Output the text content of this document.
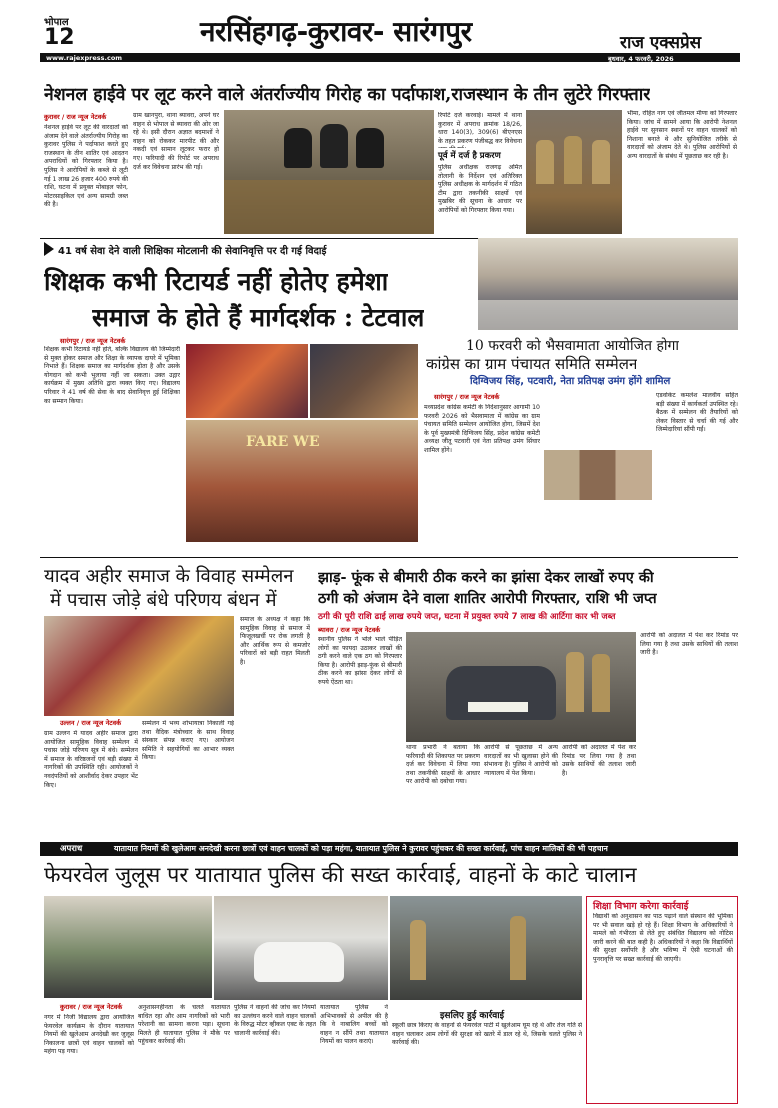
भोपाल
12	नरसिंहगढ़-कुरावर- सारंगपुर	राज एक्सप्रेस
www.rajexpress.com	बुधवार, 4 फरवरी, 2026
नेशनल हाईवे पर लूट करने वाले अंतर्राज्यीय गिरोह का पर्दाफाश,राजस्थान के तीन लुटेरे गिरफ्तार
कुरावर / राज न्यूज नेटवर्क
नेशनल हाईवे पर लूट की वारदातों को अंजाम देने वाले अंतर्राज्यीय गिरोह का कुरावर पुलिस ने पर्दाफाश करते हुए राजस्थान के तीन शातिर एवं आदतन अपराधियों को गिरफ्तार किया है। पुलिस ने आरोपियों के कब्जे से लूटी गई 1 लाख 26 हजार 400 रुपये की राशि, घटना में प्रयुक्त मोबाइल फोन, मोटरसाइकिल एवं अन्य सामग्री जब्त की है।
ग्राम खानपुरा, थाना ब्यावरा, अपने घर वाहन से भोपाल से ब्यावरा की ओर जा रहे थे। इसी दौरान अज्ञात बदमाशों ने वाहन को रोककर मारपीट की और नकदी एवं सामान लूटकर फरार हो गए। फरियादी की रिपोर्ट पर अपराध दर्ज कर विवेचना प्रारंभ की गई।
रिपोर्ट दर्ज करवाई। मामले में थाना कुरावर में अपराध क्रमांक 18/26, धारा 140(3), 309(6) बीएनएस के तहत प्रकरण पंजीबद्ध कर विवेचना
पूर्व में दर्ज है प्रकरण
पुलिस अधीक्षक राजगढ़ अमित तोलानी के निर्देशन एवं अतिरिक्त पुलिस अधीक्षक के मार्गदर्शन में गठित टीम द्वारा तकनीकी साक्ष्यों एवं मुखबिर की सूचना के आधार पर आरोपियों को गिरफ्तार किया गया।
भीमा, रोहित नाग एवं जीतमल मीणा को गिरफ्तार किया। जांच में सामने आया कि आरोपी नेशनल हाईवे पर सुनसान स्थानों पर वाहन चालकों को निशाना बनाते थे और सुनियोजित तरीके से वारदातों को अंजाम देते थे। पुलिस आरोपियों से अन्य वारदातों के संबंध में पूछताछ कर रही है।
41 वर्ष सेवा देने वाली शिक्षिका मोटलानी की सेवानिवृत्ति पर दी गई विदाई
शिक्षक कभी रिटायर्ड नहीं होतेए हमेशा
समाज के होते हैं मार्गदर्शक : टेटवाल
सारंगपुर / राज न्यूज नेटवर्क
शिक्षक कभी रिटायर्ड नहीं होते, बल्कि विद्यालय की जिम्मेदारी से मुक्त होकर समाज और शिक्षा के व्यापक दायरे में भूमिका निभाते हैं। शिक्षक समाज का मार्गदर्शक होता है और उसके योगदान को कभी भुलाया नहीं जा सकता। उक्त उद्गार कार्यक्रम में मुख्य अतिथि द्वारा व्यक्त किए गए। विद्यालय परिवार ने 41 वर्ष की सेवा के बाद सेवानिवृत्त हुई शिक्षिका का सम्मान किया।
FARE WE
10 फरवरी को भैसवामाता आयोजित होगा
कांग्रेस का ग्राम पंचायत समिति सम्मेलन
दिग्विजय सिंह, पटवारी, नेता प्रतिपक्ष उमंग होंगे शामिल
सारंगपुर / राज न्यूज नेटवर्क
मध्यप्रदेश कांग्रेस कमेटी के निर्देशानुसार आगामी 10 फरवरी 2026 को भैसवामाता में कांग्रेस का ग्राम पंचायत समिति सम्मेलन आयोजित होगा, जिसमें देश के पूर्व मुख्यमंत्री दिग्विजय सिंह, प्रदेश कांग्रेस कमेटी अध्यक्ष जीतू पटवारी एवं नेता प्रतिपक्ष उमंग सिंघार शामिल होंगे।
एडवोकेट कमलेश मालवीय सहित बड़ी संख्या में कार्यकर्ता उपस्थित रहे। बैठक में सम्मेलन की तैयारियों को लेकर विस्तार से चर्चा की गई और जिम्मेदारियां सौंपी गईं।
यादव अहीर समाज के विवाह सम्मेलन
में पचास जोड़े बंधे परिणय बंधन में
उल्लन / राज न्यूज नेटवर्क
ग्राम उल्लन में यादव अहीर समाज द्वारा आयोजित सामूहिक विवाह सम्मेलन में पचास जोड़े परिणय सूत्र में बंधे। सम्मेलन में समाज के वरिष्ठजनों एवं बड़ी संख्या में नागरिकों की उपस्थिति रही। आयोजकों ने नवदंपतियों को आशीर्वाद देकर उपहार भेंट किए।
सम्मेलन में भव्य शोभायात्रा निकाली गई तथा वैदिक मंत्रोच्चार के साथ विवाह संस्कार संपन्न कराए गए। आयोजन समिति ने सहयोगियों का आभार व्यक्त किया।
समाज के अध्यक्ष ने कहा कि सामूहिक विवाह से समाज में फिजूलखर्ची पर रोक लगती है और आर्थिक रूप से कमजोर परिवारों को बड़ी राहत मिलती है।
झाड़- फूंक से बीमारी ठीक करने का झांसा देकर लाखों रुपए की
ठगी को अंजाम देने वाला शातिर आरोपी गिरफ्तार, राशि भी जप्त
ठगी की पूरी राशि ढाई लाख रुपये जप्त, घटना में प्रयुक्त रुपये 7 लाख की आर्टिगा कार भी जब्त
ब्यावरा / राज न्यूज नेटवर्क
स्थानीय पुलिस ने भोले भाले पीड़ित लोगों का फायदा उठाकर लाखों की ठगी करने वाले एक ठग को गिरफ्तार किया है। आरोपी झाड़-फूंक से बीमारी ठीक करने का झांसा देकर लोगों से रुपये ऐंठता था।
थाना प्रभारी ने बताया कि फरियादी की शिकायत पर प्रकरण दर्ज कर विवेचना में लिया गया तथा तकनीकी साक्ष्यों के आधार पर आरोपी को दबोचा गया।
आरोपी से पूछताछ में अन्य वारदातों का भी खुलासा होने की संभावना है। पुलिस ने आरोपी को न्यायालय में पेश किया।
आरोपी को अदालत में पेश कर रिमांड पर लिया गया है तथा उसके साथियों की तलाश जारी है।
आरोपी को अदालत में पेश कर रिमांड पर लिया गया है तथा उसके साथियों की तलाश जारी है।
अपराध	यातायात नियमों की खुलेआम अनदेखी करना छात्रों एवं वाहन चालकों को पड़ा महंगा, यातायात पुलिस ने कुरावर पहुंचकर की सख्त कार्रवाई, पांच वाहन मालिकों की भी पहचान
फेयरवेल जुलूस पर यातायात पुलिस की सख्त कार्रवाई, वाहनों के काटे चालान
कुरावर / राज न्यूज नेटवर्क
नगर में निजी विद्यालय द्वारा आयोजित फेयरवेल कार्यक्रम के दौरान यातायात नियमों की खुलेआम अनदेखी कर जुलूस निकालना छात्रों एवं वाहन चालकों को महंगा पड़ गया।
अनुशासनहीनता के चलते यातायात बाधित रहा और आम नागरिकों को भारी परेशानी का सामना करना पड़ा। सूचना मिलते ही यातायात पुलिस ने मौके पर पहुंचकर कार्रवाई की।
पुलिस ने वाहनों की जांच कर नियमों का उल्लंघन करने वाले वाहन चालकों के विरुद्ध मोटर व्हीकल एक्ट के तहत चालानी कार्रवाई की।
यातायात पुलिस ने अभिभावकों से अपील की है कि वे नाबालिग बच्चों को वाहन न सौंपें तथा यातायात नियमों का पालन कराएं।
इसलिए हुई कार्रवाई
स्कूली छात्र किराए के वाहनों से फेयरवेल पार्टी में खुलेआम घूम रहे थे और तेज गति से वाहन चलाकर आम लोगों की सुरक्षा को खतरे में डाल रहे थे, जिसके चलते पुलिस ने कार्रवाई की।
शिक्षा विभाग करेगा कार्रवाई
विद्यार्थी को अनुशासन का पाठ पढ़ाने वाले संस्थान की भूमिका पर भी सवाल खड़े हो रहे हैं। शिक्षा विभाग के अधिकारियों ने मामले को गंभीरता से लेते हुए संबंधित विद्यालय को नोटिस जारी करने की बात कही है। अधिकारियों ने कहा कि विद्यार्थियों की सुरक्षा सर्वोपरि है और भविष्य में ऐसी घटनाओं की पुनरावृत्ति पर सख्त कार्रवाई की जाएगी।
